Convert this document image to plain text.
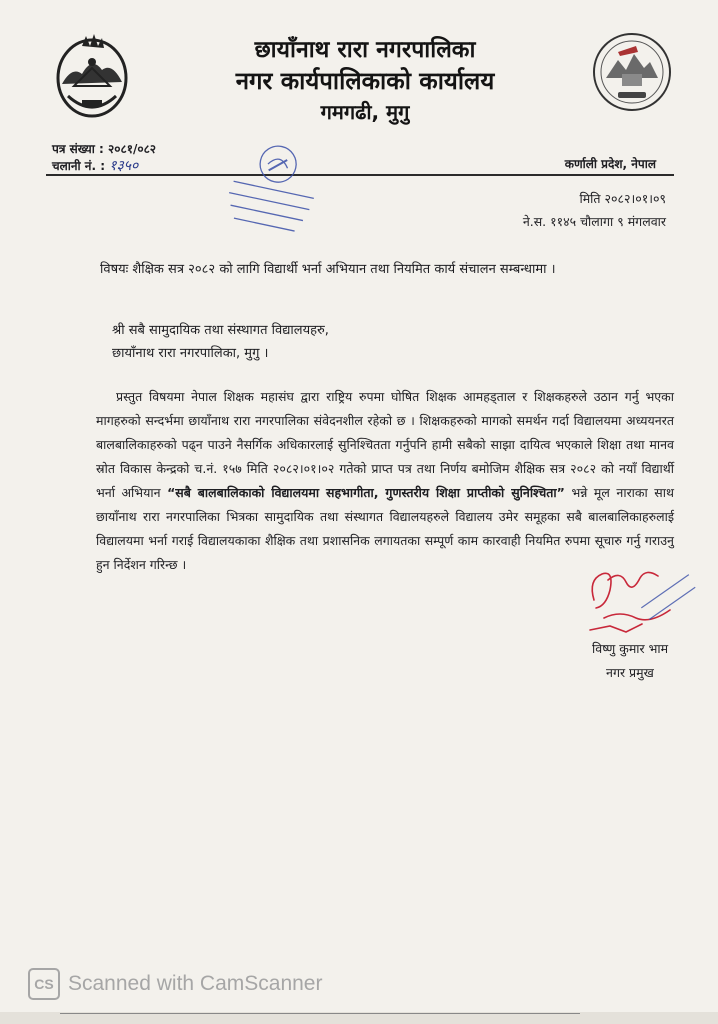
छायाँनाथ रारा नगरपालिका
नगर कार्यपालिकाको कार्यालय
गमगढी, मुगु
पत्र संख्या : २०८१/०८२
चलानी नं. : १३५०	कर्णाली प्रदेश, नेपाल
मिति २०८२।०१।०९
ने.स. ११४५ चौलागा ९ मंगलवार
विषयः शैक्षिक सत्र २०८२ को लागि विद्यार्थी भर्ना अभियान तथा नियमित कार्य संचालन सम्बन्धामा ।
श्री सबै सामुदायिक तथा संस्थागत विद्यालयहरु,
छायाँनाथ रारा नगरपालिका, मुगु ।
प्रस्तुत विषयमा नेपाल शिक्षक महासंघ द्वारा राष्ट्रिय रुपमा घोषित शिक्षक आमहड्ताल र शिक्षकहरुले उठान गर्नु भएका मागहरुको सन्दर्भमा छायाँनाथ रारा नगरपालिका संवेदनशील रहेको छ । शिक्षकहरुको मागको समर्थन गर्दा विद्यालयमा अध्ययनरत बालबालिकाहरुको पढ्न पाउने नैसर्गिक अधिकारलाई सुनिश्चितता गर्नुपनि हामी सबैको साझा दायित्व भएकाले शिक्षा तथा मानव स्रोत विकास केन्द्रको च.नं. १५७ मिति २०८२।०१।०२ गतेको प्राप्त पत्र तथा निर्णय बमोजिम शैक्षिक सत्र २०८२ को नयाँ विद्यार्थी भर्ना अभियान “सबै बालबालिकाको विद्यालयमा सहभागीता, गुणस्तरीय शिक्षा प्राप्तीको सुनिश्चिता” भन्ने मूल नाराका साथ छायाँनाथ रारा नगरपालिका भित्रका सामुदायिक तथा संस्थागत विद्यालयहरुले विद्यालय उमेर समूहका सबै बालबालिकाहरुलाई विद्यालयमा भर्ना गराई विद्यालयकाका शैक्षिक तथा प्रशासनिक लगायतका सम्पूर्ण काम कारवाही नियमित रुपमा सूचारु गर्नु गराउनु हुन निर्देशन गरिन्छ ।
विष्णु कुमार भाम
नगर प्रमुख
CS Scanned with CamScanner
